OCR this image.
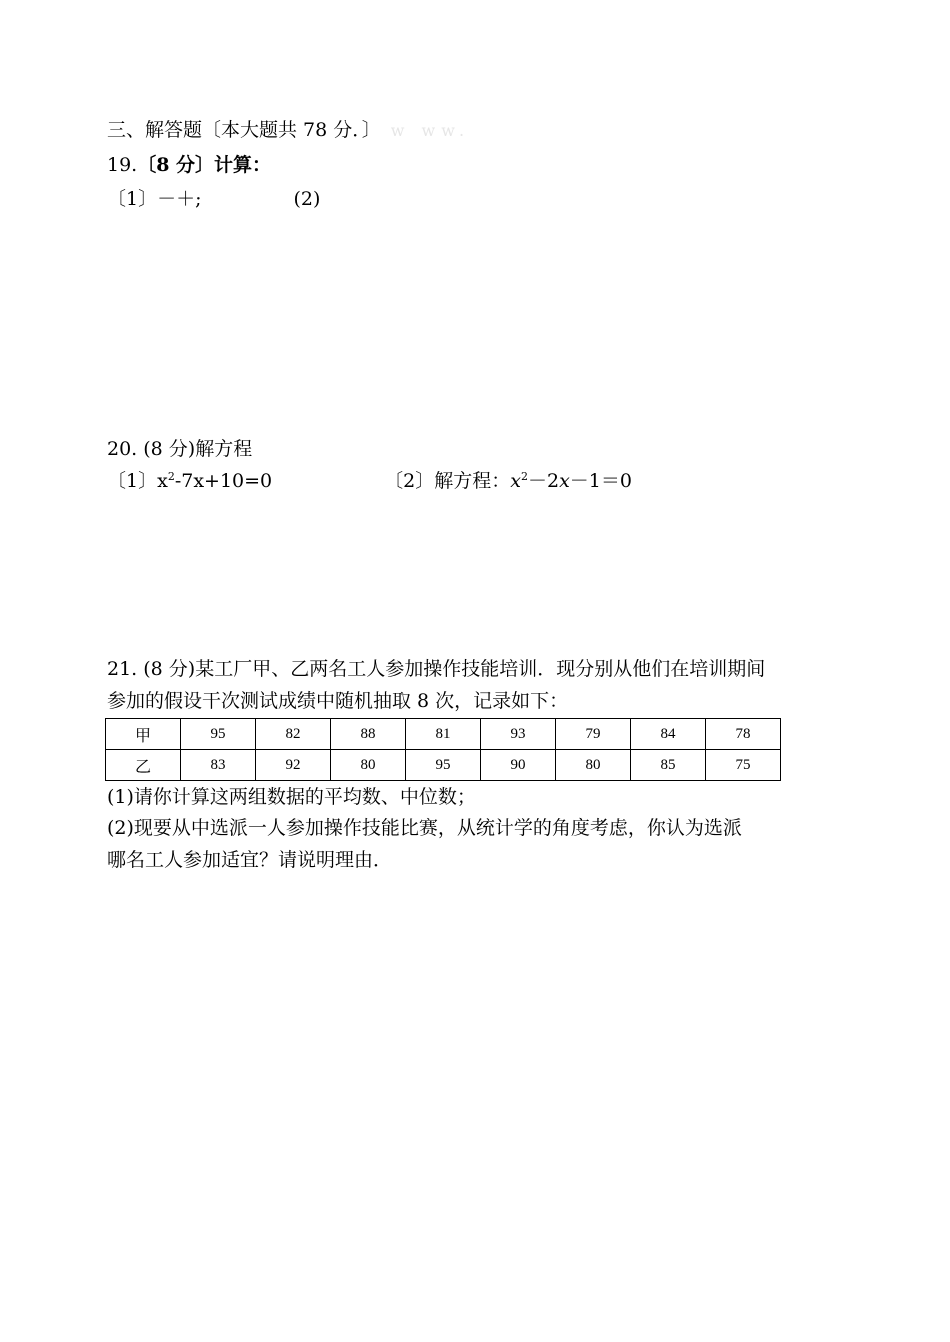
三、解答题〔本大题共 78 分．〕 w ww.
19.〔8 分〕计算：
〔1〕－＋;	(2)
20. (8 分)解方程
〔1〕$x^2-7x+10=0$	〔2〕解方程：$x^2-2x-1=0$
21. (8 分)某工厂甲、乙两名工人参加操作技能培训．现分别从他们在培训期间
参加的假设干次测试成绩中随机抽取 8 次，记录如下：
甲	95	82	88	81	93	79	84	78
乙	83	92	80	95	90	80	85	75
(1)请你计算这两组数据的平均数、中位数；
(2)现要从中选派一人参加操作技能比赛，从统计学的角度考虑，你认为选派
哪名工人参加适宜？请说明理由．
